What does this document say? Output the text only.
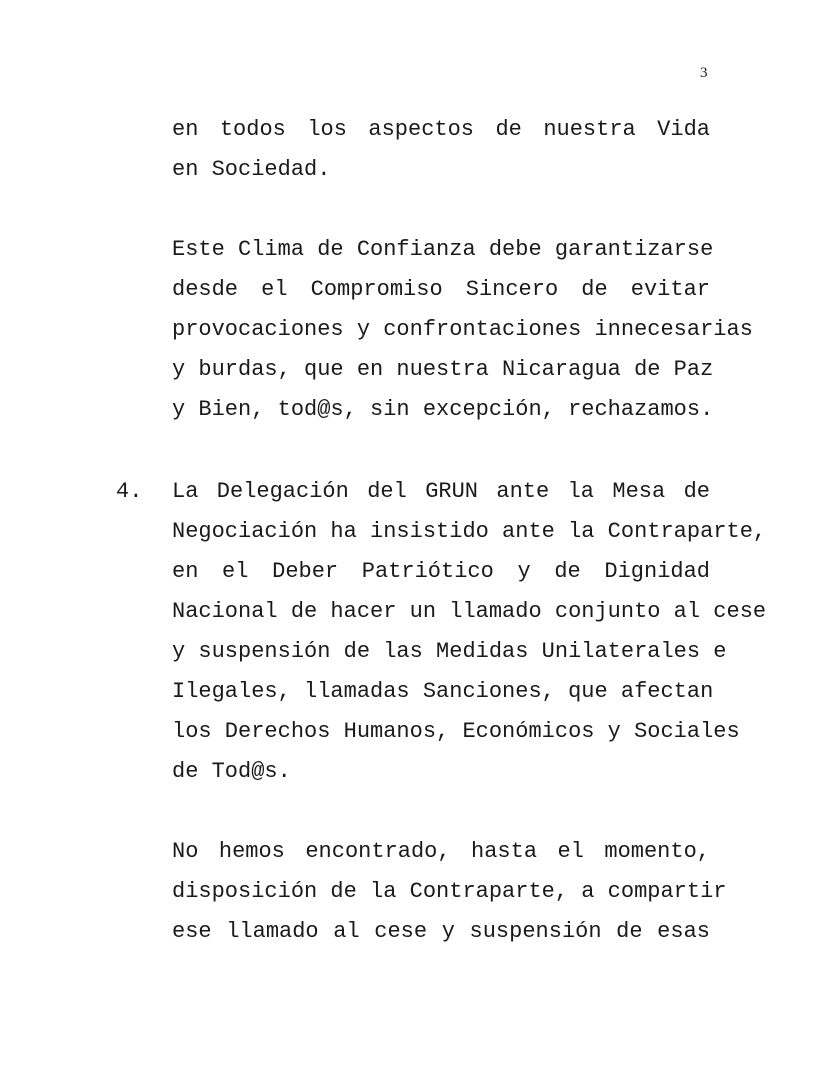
3
en todos los aspectos de nuestra Vida
en Sociedad.
Este Clima de Confianza debe garantizarse
desde el Compromiso Sincero de evitar
provocaciones y confrontaciones innecesarias
y burdas, que en nuestra Nicaragua de Paz
y Bien, tod@s, sin excepción, rechazamos.
4.	La Delegación del GRUN ante la Mesa de
Negociación ha insistido ante la Contraparte,
en el Deber Patriótico y de Dignidad
Nacional de hacer un llamado conjunto al cese
y suspensión de las Medidas Unilaterales e
Ilegales, llamadas Sanciones, que afectan
los Derechos Humanos, Económicos y Sociales
de Tod@s.
No hemos encontrado, hasta el momento,
disposición de la Contraparte, a compartir
ese llamado al cese y suspensión de esas
